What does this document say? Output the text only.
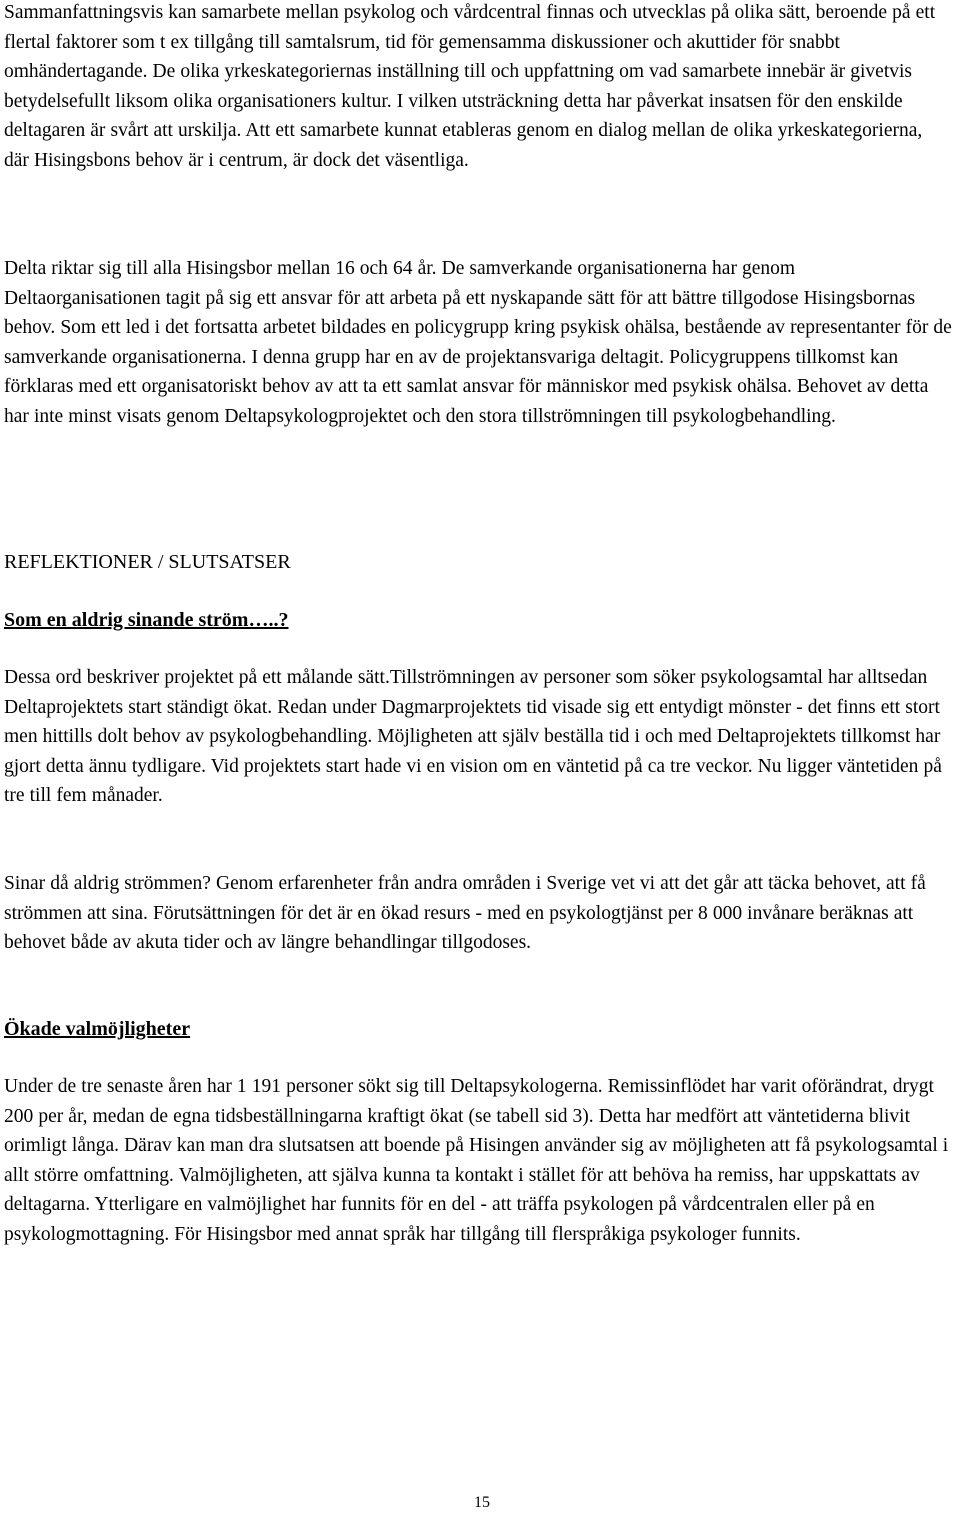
Sammanfattningsvis kan samarbete mellan psykolog och vårdcentral finnas och utvecklas på olika sätt, beroende på ett flertal faktorer som t ex tillgång till samtalsrum, tid för gemensamma diskussioner och akuttider för snabbt omhändertagande. De olika yrkeskategoriernas inställning till och uppfattning om vad samarbete innebär är givetvis betydelsefullt liksom olika organisationers kultur. I vilken utsträckning detta har påverkat insatsen för den enskilde deltagaren är svårt att urskilja. Att ett samarbete kunnat etableras genom en dialog mellan de olika yrkeskategorierna, där Hisingsbons behov är i centrum, är dock det väsentliga.

Delta riktar sig till alla Hisingsbor mellan 16 och 64 år. De samverkande organisationerna har genom Deltaorganisationen tagit på sig ett ansvar för att arbeta på ett nyskapande sätt för att bättre tillgodose Hisingsbornas behov. Som ett led i det fortsatta arbetet bildades en policygrupp kring psykisk ohälsa, bestående av representanter för de samverkande organisationerna. I denna grupp har en av de projektansvariga deltagit. Policygruppens tillkomst kan förklaras med ett organisatoriskt behov av att ta ett samlat ansvar för människor med psykisk ohälsa. Behovet av detta har inte minst visats genom Deltapsykologprojektet och den stora tillströmningen till psykologbehandling.

REFLEKTIONER / SLUTSATSER
Som en aldrig sinande ström…..?

Dessa ord beskriver projektet på ett målande sätt.Tillströmningen av personer som söker psykologsamtal har alltsedan Deltaprojektets start ständigt ökat. Redan under Dagmarprojektets tid visade sig ett entydigt mönster - det finns ett stort men hittills dolt behov av psykologbehandling. Möjligheten att själv beställa tid i och med Deltaprojektets tillkomst har gjort detta ännu tydligare. Vid projektets start hade vi en vision om en väntetid på ca tre veckor. Nu ligger väntetiden på tre till fem månader.

Sinar då aldrig strömmen? Genom erfarenheter från andra områden i Sverige vet vi att det går att täcka behovet, att få strömmen att sina. Förutsättningen för det är en ökad resurs - med en psykologtjänst per 8 000 invånare beräknas att behovet både av akuta tider och av längre behandlingar tillgodoses.

Ökade valmöjligheter

Under de tre senaste åren har 1 191 personer sökt sig till Deltapsykologerna. Remissinflödet har varit oförändrat, drygt 200 per år, medan de egna tidsbeställningarna kraftigt ökat (se tabell sid 3). Detta har medfört att väntetiderna blivit orimligt långa. Därav kan man dra slutsatsen att boende på Hisingen använder sig av möjligheten att få psykologsamtal i allt större omfattning. Valmöjligheten, att själva kunna ta kontakt i stället för att behöva ha remiss, har uppskattats av deltagarna. Ytterligare en valmöjlighet har funnits för en del - att träffa psykologen på vårdcentralen eller på en psykologmottagning. För Hisingsbor med annat språk har tillgång till flerspråkiga psykologer funnits.

15
